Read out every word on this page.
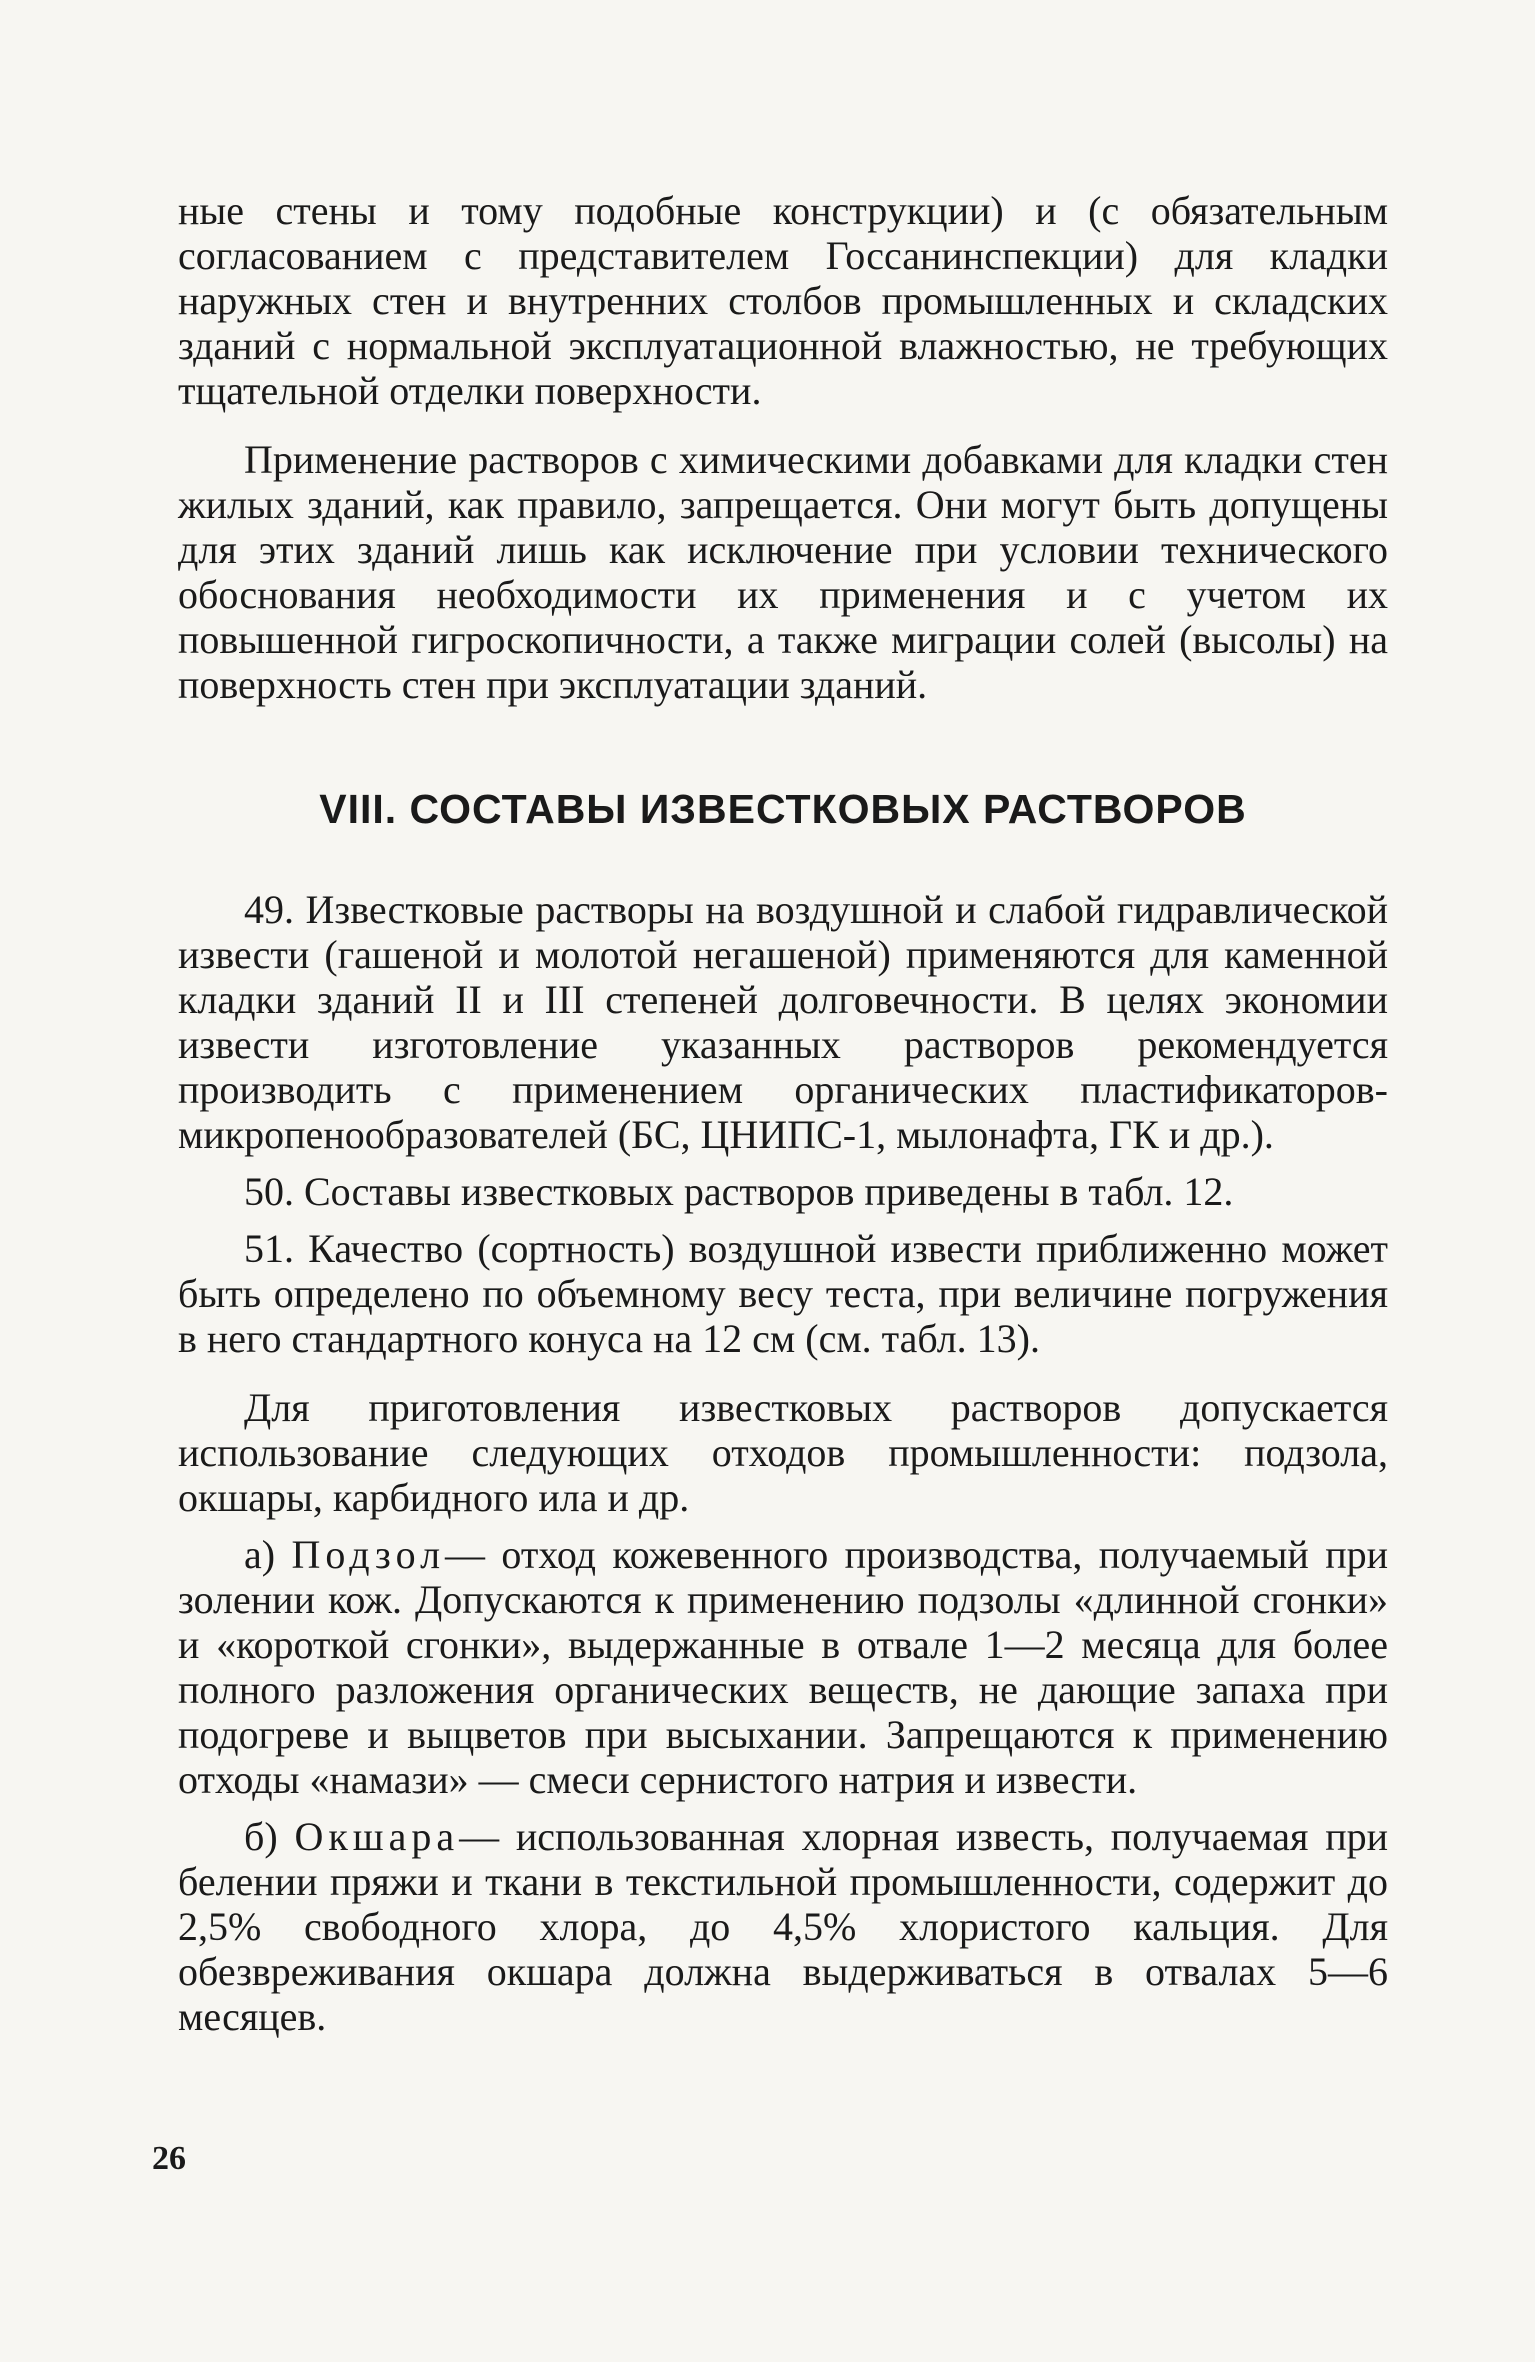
ные стены и тому подобные конструкции) и (с обязательным согласованием с представителем Госсанинспекции) для кладки наружных стен и внутренних столбов промышленных и складских зданий с нормальной эксплуатационной влажностью, не требующих тщательной отделки поверхности.

Применение растворов с химическими добавками для кладки стен жилых зданий, как правило, запрещается. Они могут быть допущены для этих зданий лишь как исключение при условии технического обоснования необходимости их применения и с учетом их повышенной гигроскопичности, а также миграции солей (высолы) на поверхность стен при эксплуатации зданий.

VIII. СОСТАВЫ ИЗВЕСТКОВЫХ РАСТВОРОВ

49. Известковые растворы на воздушной и слабой гидравлической извести (гашеной и молотой негашеной) применяются для каменной кладки зданий II и III степеней долговечности. В целях экономии извести изготовление указанных растворов рекомендуется производить с применением органических пластификаторов-микропенообразователей (БС, ЦНИПС-1, мылонафта, ГК и др.).

50. Составы известковых растворов приведены в табл. 12.

51. Качество (сортность) воздушной извести приближенно может быть определено по объемному весу теста, при величине погружения в него стандартного конуса на 12 см (см. табл. 13).

Для приготовления известковых растворов допускается использование следующих отходов промышленности: подзола, окшары, карбидного ила и др.

а) Подзол— отход кожевенного производства, получаемый при золении кож. Допускаются к применению подзолы «длинной сгонки» и «короткой сгонки», выдержанные в отвале 1—2 месяца для более полного разложения органических веществ, не дающие запаха при подогреве и выцветов при высыхании. Запрещаются к применению отходы «намази» — смеси сернистого натрия и извести.

б) Окшара— использованная хлорная известь, получаемая при белении пряжи и ткани в текстильной промышленности, содержит до 2,5% свободного хлора, до 4,5% хлористого кальция. Для обезвреживания окшара должна выдерживаться в отвалах 5—6 месяцев.

26
